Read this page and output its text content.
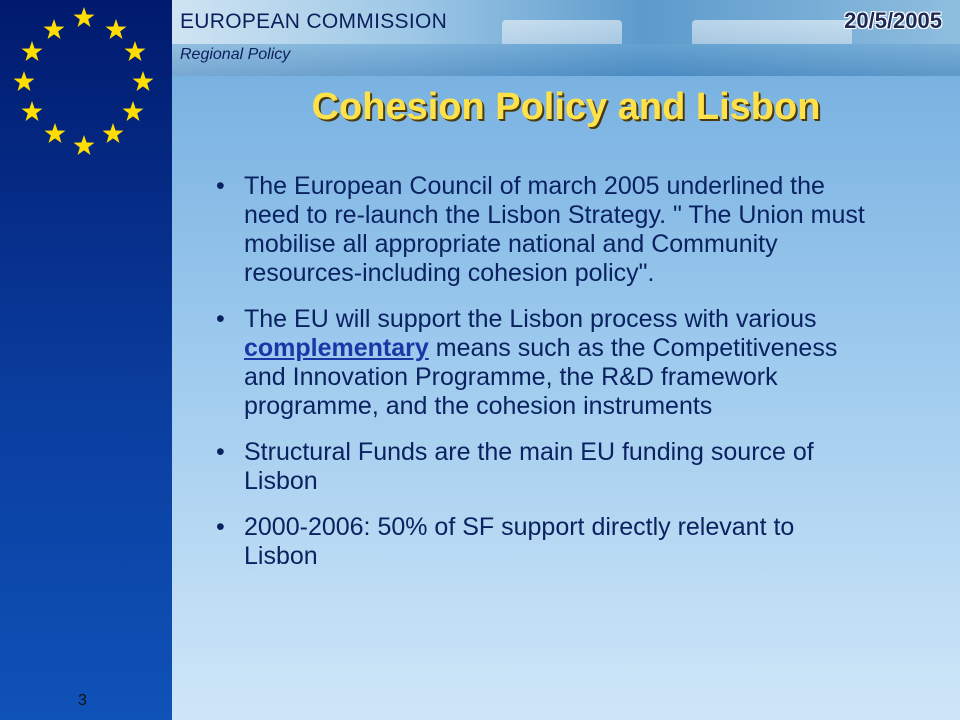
3
EUROPEAN COMMISSION
Regional Policy
20/5/2005
Cohesion Policy and Lisbon
• The European Council of march 2005 underlined the need to re-launch the Lisbon Strategy. " The Union must mobilise all appropriate national and Community resources-including cohesion policy".
• The EU will support the Lisbon process with various complementary means such as the Competitiveness and Innovation Programme, the R&D framework programme, and the cohesion instruments
• Structural Funds are the main EU funding source of Lisbon
• 2000-2006: 50% of SF support directly relevant to Lisbon
